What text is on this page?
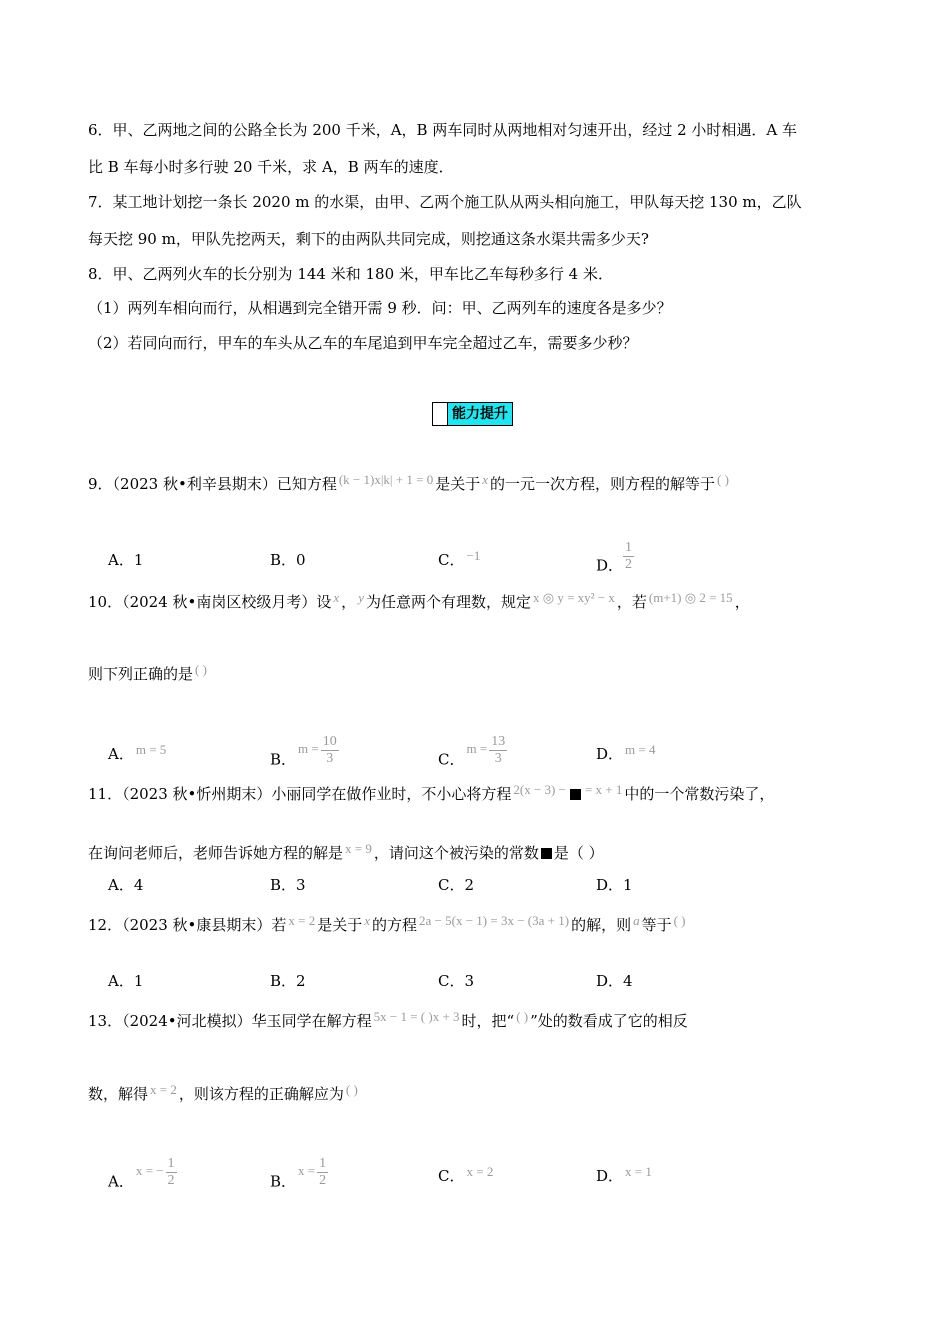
6．甲、乙两地之间的公路全长为 200 千米，A，B 两车同时从两地相对匀速开出，经过 2 小时相遇．A 车
比 B 车每小时多行驶 20 千米，求 A，B 两车的速度．
7．某工地计划挖一条长 2020 m 的水渠，由甲、乙两个施工队从两头相向施工，甲队每天挖 130 m，乙队
每天挖 90 m，甲队先挖两天，剩下的由两队共同完成，则挖通这条水渠共需多少天?
8．甲、乙两列火车的长分别为 144 米和 180 米，甲车比乙车每秒多行 4 米．
（1）两列车相向而行，从相遇到完全错开需 9 秒．问：甲、乙两列车的速度各是多少？
（2）若同向而行，甲车的车头从乙车的车尾追到甲车完全超过乙车，需要多少秒？
能力提升
9．（2023 秋•利辛县期末）已知方程 (k − 1)x|k| + 1 = 0 是关于 x 的一元一次方程，则方程的解等于 ( )
A．1	B．0	C． −1
D． $\frac{1}{2}$
10．（2024 秋•南岗区校级月考）设 x ， y 为任意两个有理数，规定 x ◎ y = xy² − x ，若 (m+1) ◎ 2 = 15 ，
则下列正确的是 ( )
A． m = 5
B．$m = \frac{10}{3}$	C．$m = \frac{13}{3}$	D． m = 4
11．（2023 秋•忻州期末）小丽同学在做作业时，不小心将方程 2(x − 3) − = x + 1 中的一个常数污染了，
在询问老师后，老师告诉她方程的解是 x = 9 ，请问这个被污染的常数 是（ ）
A．4	B．3	C．2	D．1
12．（2023 秋•康县期末）若 x = 2 是关于 x 的方程 2a − 5(x − 1) = 3x − (3a + 1) 的解，则 a 等于 ( )
A．1	B．2	C．3	D．4
13．（2024•河北模拟）华玉同学在解方程 5x − 1 = ( )x + 3 时，把“ ( ) ”处的数看成了它的相反
数，解得 x = 2 ，则该方程的正确解应为 ( )
A．x = − $\frac{1}{2}$	B．$x = \frac{1}{2}$	C． x = 2	D． x = 1
